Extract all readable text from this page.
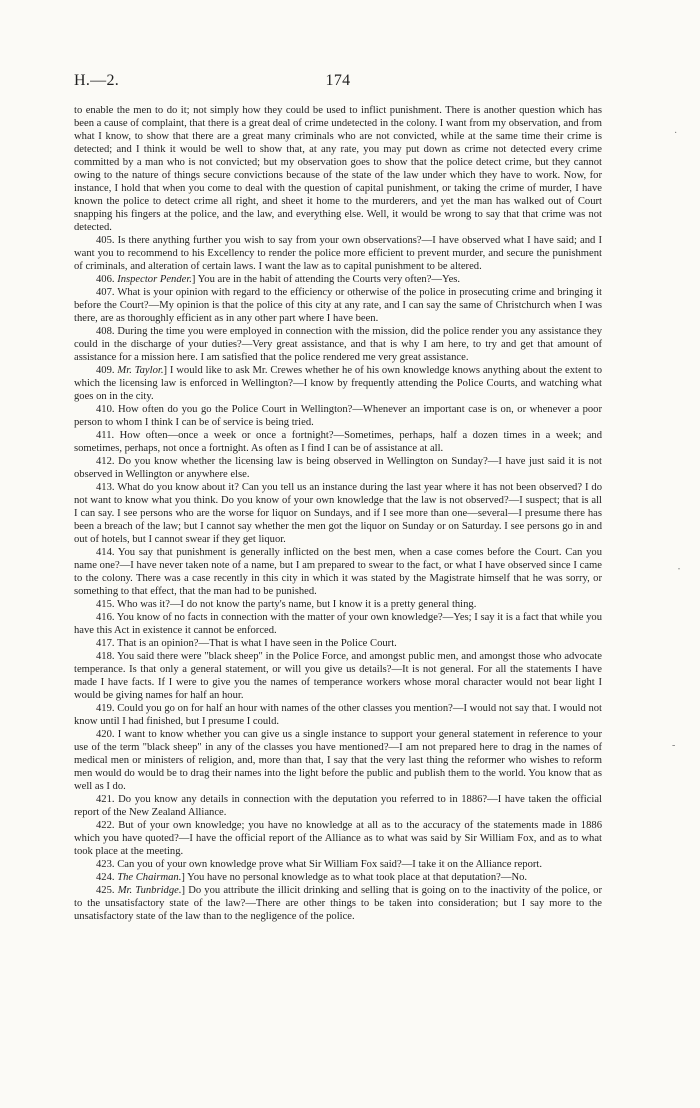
H.—2.	174

to enable the men to do it; not simply how they could be used to inflict punishment. There is another question which has been a cause of complaint, that there is a great deal of crime undetected in the colony. I want from my observation, and from what I know, to show that there are a great many criminals who are not convicted, while at the same time their crime is detected; and I think it would be well to show that, at any rate, you may put down as crime not detected every crime committed by a man who is not convicted; but my observation goes to show that the police detect crime, but they cannot owing to the nature of things secure convictions because of the state of the law under which they have to work. Now, for instance, I hold that when you come to deal with the question of capital punishment, or taking the crime of murder, I have known the police to detect crime all right, and sheet it home to the murderers, and yet the man has walked out of Court snapping his fingers at the police, and the law, and everything else. Well, it would be wrong to say that that crime was not detected.

405. Is there anything further you wish to say from your own observations?—I have observed what I have said; and I want you to recommend to his Excellency to render the police more efficient to prevent murder, and secure the punishment of criminals, and alteration of certain laws. I want the law as to capital punishment to be altered.

406. Inspector Pender.] You are in the habit of attending the Courts very often?—Yes.

407. What is your opinion with regard to the efficiency or otherwise of the police in prosecuting crime and bringing it before the Court?—My opinion is that the police of this city at any rate, and I can say the same of Christchurch when I was there, are as thoroughly efficient as in any other part where I have been.

408. During the time you were employed in connection with the mission, did the police render you any assistance they could in the discharge of your duties?—Very great assistance, and that is why I am here, to try and get that amount of assistance for a mission here. I am satisfied that the police rendered me very great assistance.

409. Mr. Taylor.] I would like to ask Mr. Crewes whether he of his own knowledge knows anything about the extent to which the licensing law is enforced in Wellington?—I know by frequently attending the Police Courts, and watching what goes on in the city.

410. How often do you go the Police Court in Wellington?—Whenever an important case is on, or whenever a poor person to whom I think I can be of service is being tried.

411. How often—once a week or once a fortnight?—Sometimes, perhaps, half a dozen times in a week; and sometimes, perhaps, not once a fortnight. As often as I find I can be of assistance at all.

412. Do you know whether the licensing law is being observed in Wellington on Sunday?—I have just said it is not observed in Wellington or anywhere else.

413. What do you know about it? Can you tell us an instance during the last year where it has not been observed? I do not want to know what you think. Do you know of your own knowledge that the law is not observed?—I suspect; that is all I can say. I see persons who are the worse for liquor on Sundays, and if I see more than one—several—I presume there has been a breach of the law; but I cannot say whether the men got the liquor on Sunday or on Saturday. I see persons go in and out of hotels, but I cannot swear if they get liquor.

414. You say that punishment is generally inflicted on the best men, when a case comes before the Court. Can you name one?—I have never taken note of a name, but I am prepared to swear to the fact, or what I have observed since I came to the colony. There was a case recently in this city in which it was stated by the Magistrate himself that he was sorry, or something to that effect, that the man had to be punished.

415. Who was it?—I do not know the party's name, but I know it is a pretty general thing.

416. You know of no facts in connection with the matter of your own knowledge?—Yes; I say it is a fact that while you have this Act in existence it cannot be enforced.

417. That is an opinion?—That is what I have seen in the Police Court.

418. You said there were "black sheep" in the Police Force, and amongst public men, and amongst those who advocate temperance. Is that only a general statement, or will you give us details?—It is not general. For all the statements I have made I have facts. If I were to give you the names of temperance workers whose moral character would not bear light I would be giving names for half an hour.

419. Could you go on for half an hour with names of the other classes you mention?—I would not say that. I would not know until I had finished, but I presume I could.

420. I want to know whether you can give us a single instance to support your general statement in reference to your use of the term "black sheep" in any of the classes you have mentioned?—I am not prepared here to drag in the names of medical men or ministers of religion, and, more than that, I say that the very last thing the reformer who wishes to reform men would do would be to drag their names into the light before the public and publish them to the world. You know that as well as I do.

421. Do you know any details in connection with the deputation you referred to in 1886?—I have taken the official report of the New Zealand Alliance.

422. But of your own knowledge; you have no knowledge at all as to the accuracy of the statements made in 1886 which you have quoted?—I have the official report of the Alliance as to what was said by Sir William Fox, and as to what took place at the meeting.

423. Can you of your own knowledge prove what Sir William Fox said?—I take it on the Alliance report.

424. The Chairman.] You have no personal knowledge as to what took place at that deputation?—No.

425. Mr. Tunbridge.] Do you attribute the illicit drinking and selling that is going on to the inactivity of the police, or to the unsatisfactory state of the law?—There are other things to be taken into consideration; but I say more to the unsatisfactory state of the law than to the negligence of the police.

·
᛫
-
